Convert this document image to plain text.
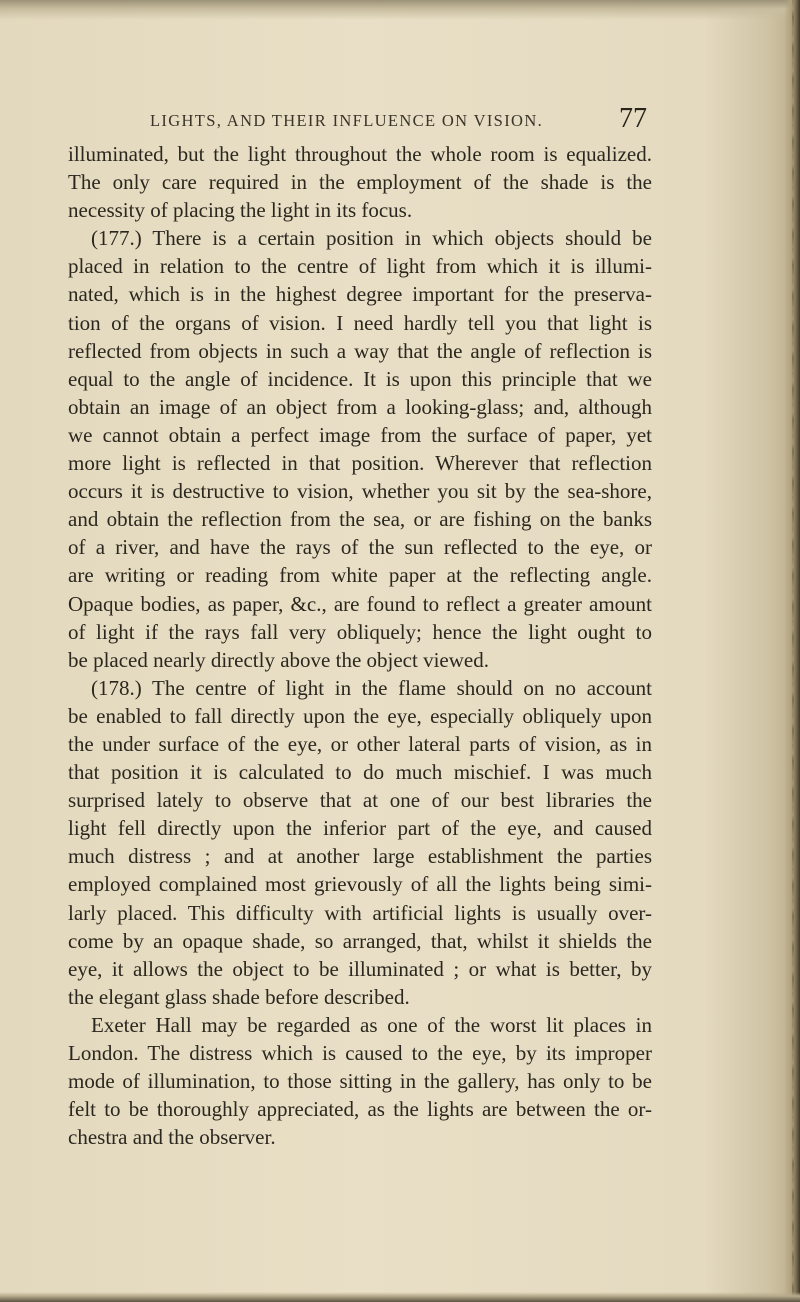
LIGHTS, AND THEIR INFLUENCE ON VISION.	77
illuminated, but the light throughout the whole room is equalized.
The only care required in the employment of the shade is the
necessity of placing the light in its focus.
(177.) There is a certain position in which objects should be
placed in relation to the centre of light from which it is illumi-
nated, which is in the highest degree important for the preserva-
tion of the organs of vision. I need hardly tell you that light is
reflected from objects in such a way that the angle of reflection is
equal to the angle of incidence. It is upon this principle that we
obtain an image of an object from a looking-glass; and, although
we cannot obtain a perfect image from the surface of paper, yet
more light is reflected in that position. Wherever that reflection
occurs it is destructive to vision, whether you sit by the sea-shore,
and obtain the reflection from the sea, or are fishing on the banks
of a river, and have the rays of the sun reflected to the eye, or
are writing or reading from white paper at the reflecting angle.
Opaque bodies, as paper, &c., are found to reflect a greater amount
of light if the rays fall very obliquely; hence the light ought to
be placed nearly directly above the object viewed.
(178.) The centre of light in the flame should on no account
be enabled to fall directly upon the eye, especially obliquely upon
the under surface of the eye, or other lateral parts of vision, as in
that position it is calculated to do much mischief. I was much
surprised lately to observe that at one of our best libraries the
light fell directly upon the inferior part of the eye, and caused
much distress ; and at another large establishment the parties
employed complained most grievously of all the lights being simi-
larly placed. This difficulty with artificial lights is usually over-
come by an opaque shade, so arranged, that, whilst it shields the
eye, it allows the object to be illuminated ; or what is better, by
the elegant glass shade before described.
Exeter Hall may be regarded as one of the worst lit places in
London. The distress which is caused to the eye, by its improper
mode of illumination, to those sitting in the gallery, has only to be
felt to be thoroughly appreciated, as the lights are between the or-
chestra and the observer.
